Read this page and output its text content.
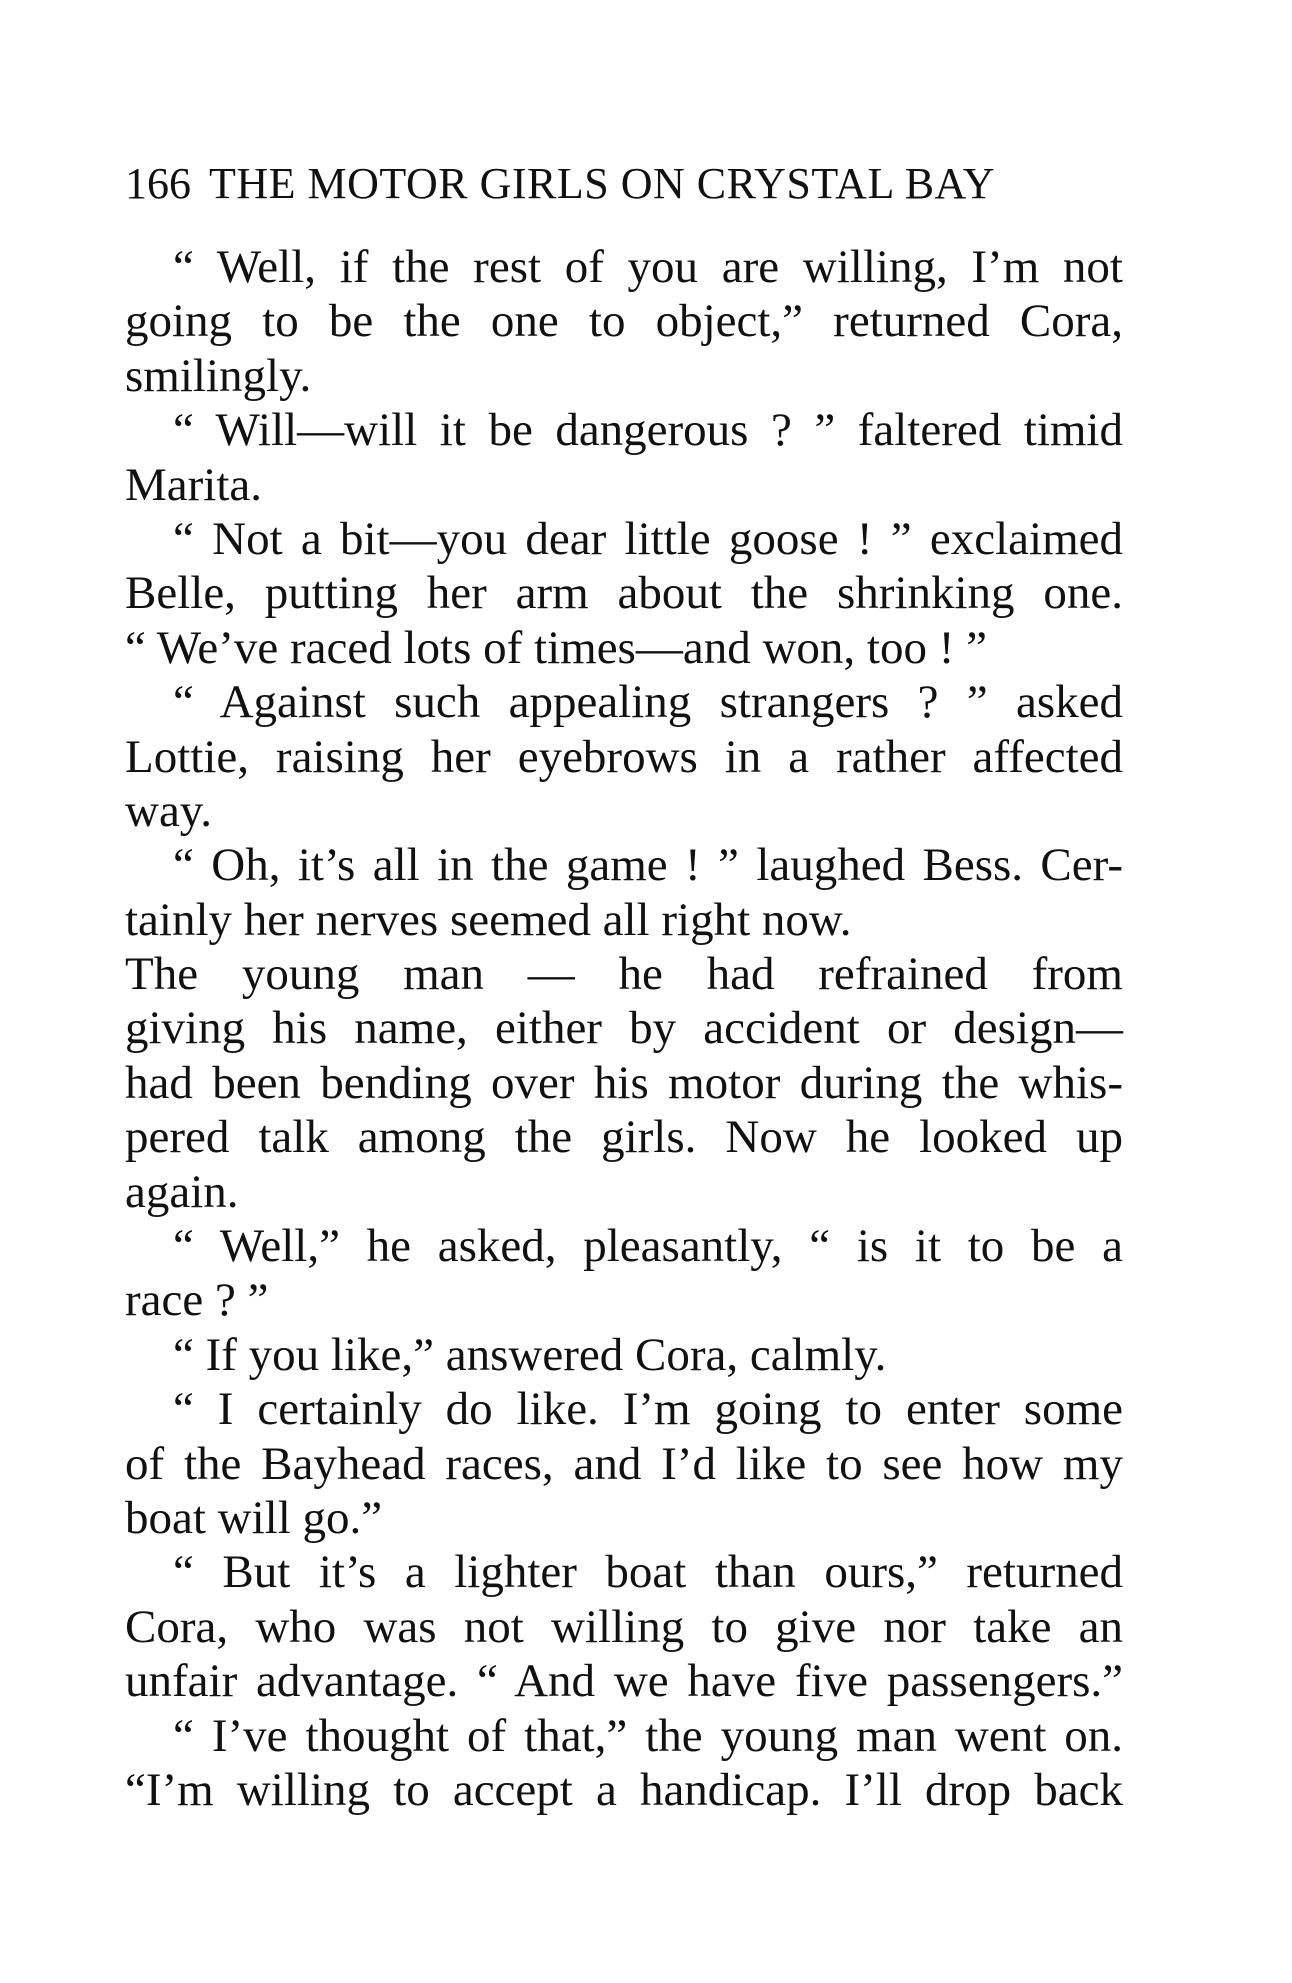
166 THE MOTOR GIRLS ON CRYSTAL BAY
“ Well, if the rest of you are willing, I’m not
going to be the one to object,” returned Cora,
smilingly.
“ Will—will it be dangerous ? ” faltered timid
Marita.
“ Not a bit—you dear little goose ! ” exclaimed
Belle, putting her arm about the shrinking one.
“ We’ve raced lots of times—and won, too ! ”
“ Against such appealing strangers ? ” asked
Lottie, raising her eyebrows in a rather affected
way.
“ Oh, it’s all in the game ! ” laughed Bess. Cer-
tainly her nerves seemed all right now.
The young man — he had refrained from
giving his name, either by accident or design—
had been bending over his motor during the whis-
pered talk among the girls. Now he looked up
again.
“ Well,” he asked, pleasantly, “ is it to be a
race ? ”
“ If you like,” answered Cora, calmly.
“ I certainly do like. I’m going to enter some
of the Bayhead races, and I’d like to see how my
boat will go.”
“ But it’s a lighter boat than ours,” returned
Cora, who was not willing to give nor take an
unfair advantage. “ And we have five passengers.”
“ I’ve thought of that,” the young man went on.
“I’m willing to accept a handicap. I’ll drop back
